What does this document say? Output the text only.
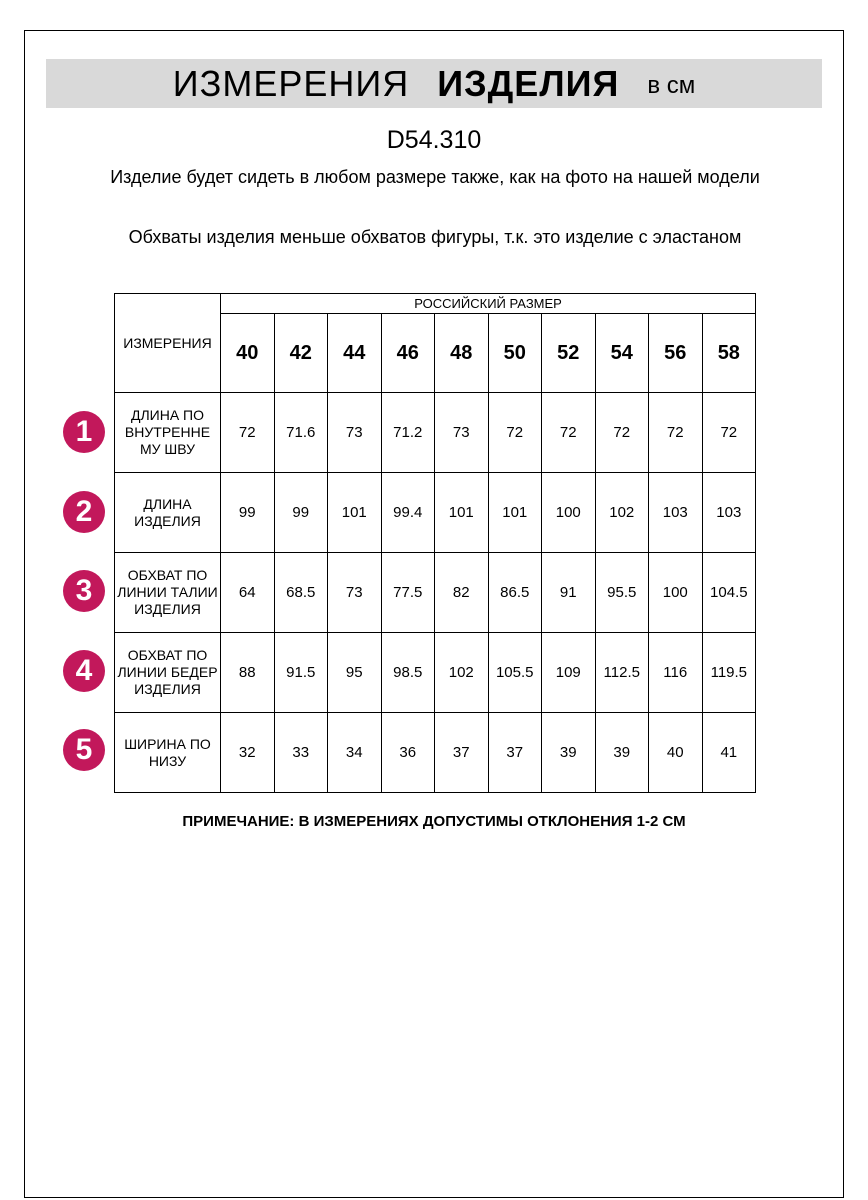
ИЗМЕРЕНИЯ ИЗДЕЛИЯ в см
D54.310
Изделие будет сидеть в любом размере также, как на фото на нашей модели
Обхваты изделия меньше обхватов фигуры, т.к. это изделие с эластаном
ИЗМЕРЕНИЯ	РОССИЙСКИЙ РАЗМЕР									
	40	42	44	46	48	50	52	54	56	58
ДЛИНА ПО ВНУТРЕННЕ МУ ШВУ	72	71.6	73	71.2	73	72	72	72	72	72
ДЛИНА ИЗДЕЛИЯ	99	99	101	99.4	101	101	100	102	103	103
ОБХВАТ ПО ЛИНИИ ТАЛИИ ИЗДЕЛИЯ	64	68.5	73	77.5	82	86.5	91	95.5	100	104.5
ОБХВАТ ПО ЛИНИИ БЕДЕР ИЗДЕЛИЯ	88	91.5	95	98.5	102	105.5	109	112.5	116	119.5
ШИРИНА ПО НИЗУ	32	33	34	36	37	37	39	39	40	41
1
2
3
4
5
ПРИМЕЧАНИЕ: В ИЗМЕРЕНИЯХ ДОПУСТИМЫ ОТКЛОНЕНИЯ 1-2 СМ
